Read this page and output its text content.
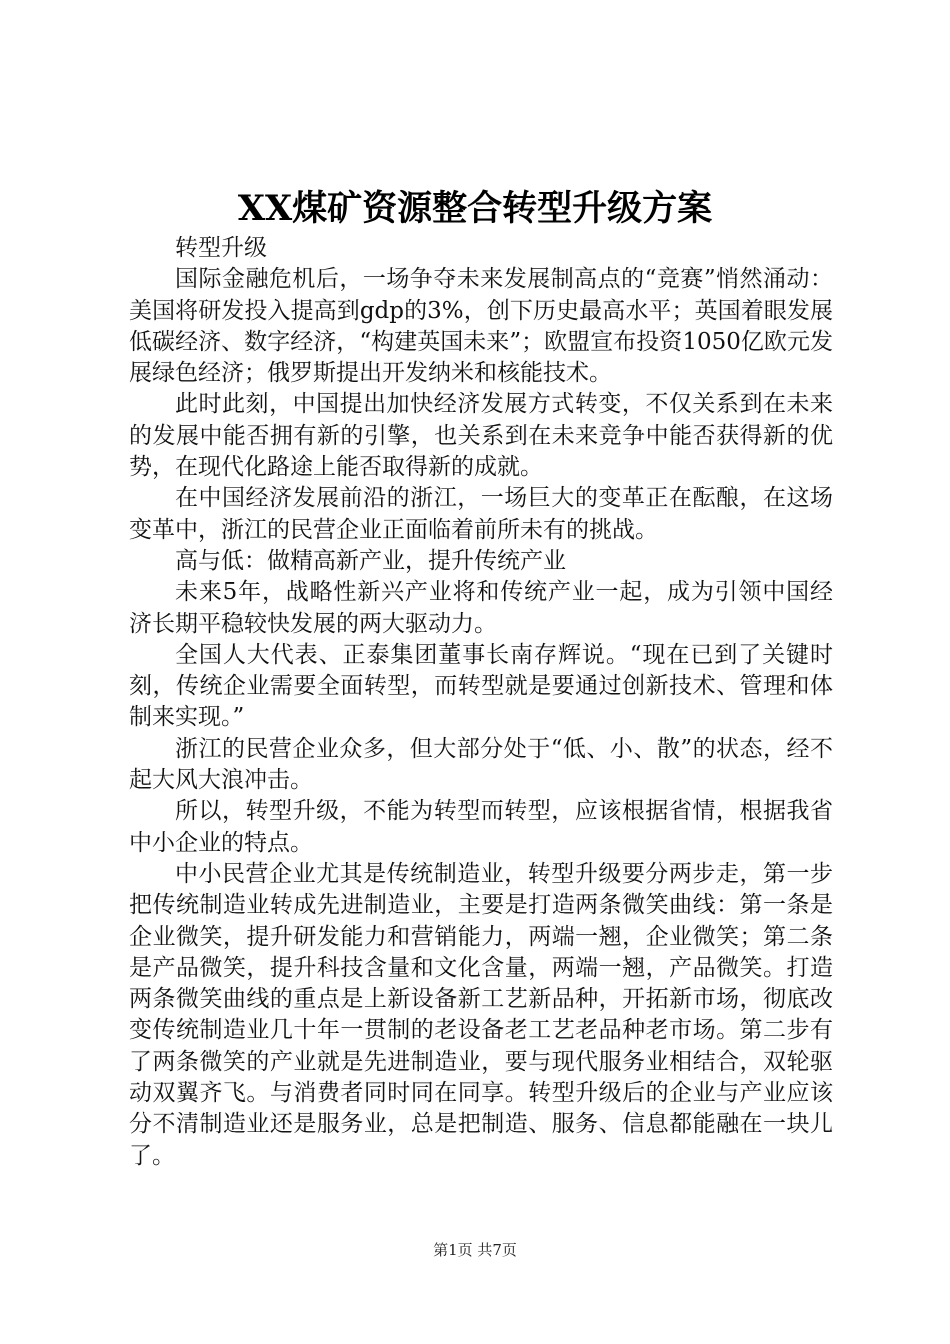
XX煤矿资源整合转型升级方案

转型升级

国际金融危机后，一场争夺未来发展制高点的“竞赛”悄然涌动：美国将研发投入提高到gdp的3%，创下历史最高水平；英国着眼发展低碳经济、数字经济，“构建英国未来”；欧盟宣布投资1050亿欧元发展绿色经济；俄罗斯提出开发纳米和核能技术。

此时此刻，中国提出加快经济发展方式转变，不仅关系到在未来的发展中能否拥有新的引擎，也关系到在未来竞争中能否获得新的优势，在现代化路途上能否取得新的成就。

在中国经济发展前沿的浙江，一场巨大的变革正在酝酿，在这场变革中，浙江的民营企业正面临着前所未有的挑战。

高与低：做精高新产业，提升传统产业

未来5年，战略性新兴产业将和传统产业一起，成为引领中国经济长期平稳较快发展的两大驱动力。

全国人大代表、正泰集团董事长南存辉说。“现在已到了关键时刻，传统企业需要全面转型，而转型就是要通过创新技术、管理和体制来实现。”

浙江的民营企业众多，但大部分处于“低、小、散”的状态，经不起大风大浪冲击。

所以，转型升级，不能为转型而转型，应该根据省情，根据我省中小企业的特点。

中小民营企业尤其是传统制造业，转型升级要分两步走，第一步把传统制造业转成先进制造业，主要是打造两条微笑曲线：第一条是企业微笑，提升研发能力和营销能力，两端一翘，企业微笑；第二条是产品微笑，提升科技含量和文化含量，两端一翘，产品微笑。打造两条微笑曲线的重点是上新设备新工艺新品种，开拓新市场，彻底改变传统制造业几十年一贯制的老设备老工艺老品种老市场。第二步有了两条微笑的产业就是先进制造业，要与现代服务业相结合，双轮驱动双翼齐飞。与消费者同时同在同享。转型升级后的企业与产业应该分不清制造业还是服务业，总是把制造、服务、信息都能融在一块儿了。

第1页 共7页
